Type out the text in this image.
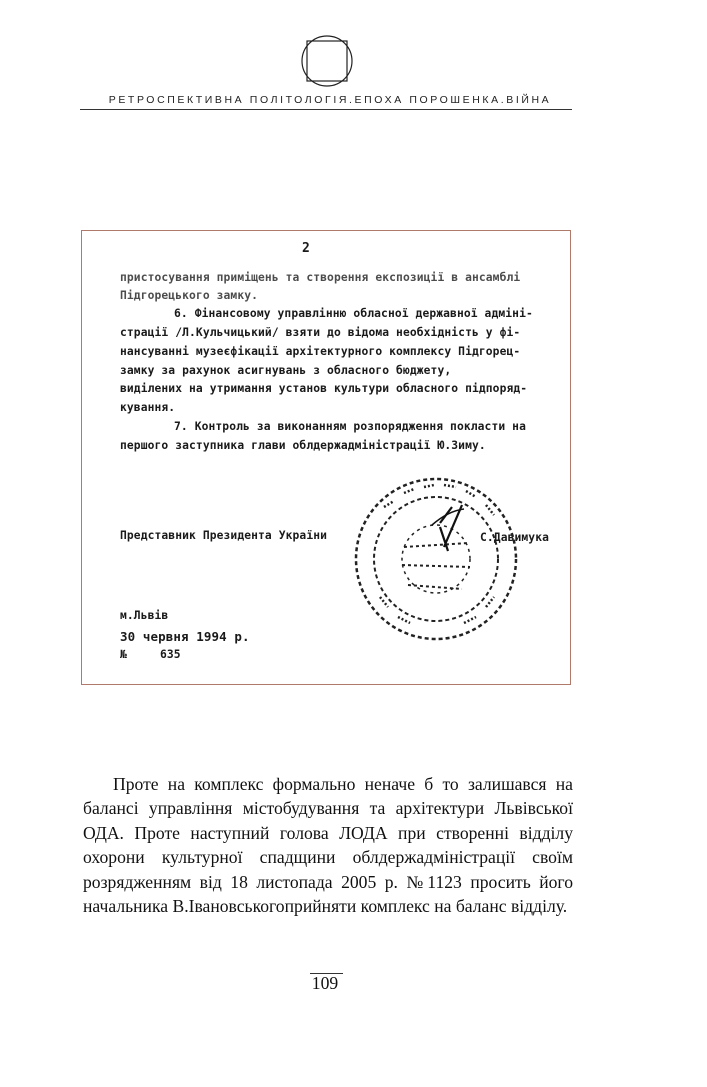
РЕТРОСПЕКТИВНА ПОЛІТОЛОГІЯ.ЕПОХА ПОРОШЕНКА.ВІЙНА
2
пристосування приміщень та створення експозиції в ансамблі
Підгорецького замку.
6. Фінансовому управлінню обласної державної адміні-
страції /Л.Кульчицький/ взяти до відома необхідність у фі-
нансуванні музеєфікації архітектурного комплексу Підгорец-
замку за рахунок асигнувань з обласного бюджету,
виділених на утримання установ культури обласного підпоряд-
кування.
7. Контроль за виконанням розпорядження покласти на
першого заступника глави облдержадміністрації Ю.Зиму.
Представник Президента України	С.Давимука
м.Львів
30 червня 1994 р.
№	635

Проте на комплекс формально неначе б то залишався на балансі управління містобудування та архітектури Львівської ОДА. Проте наступний голова ЛОДА при створенні відділу охорони культурної спадщини облдержадміністрації своїм розрядженням від 18 листопада 2005 р. №1123 просить його начальника В.Івановськогоприйняти комплекс на баланс відділу.

109
